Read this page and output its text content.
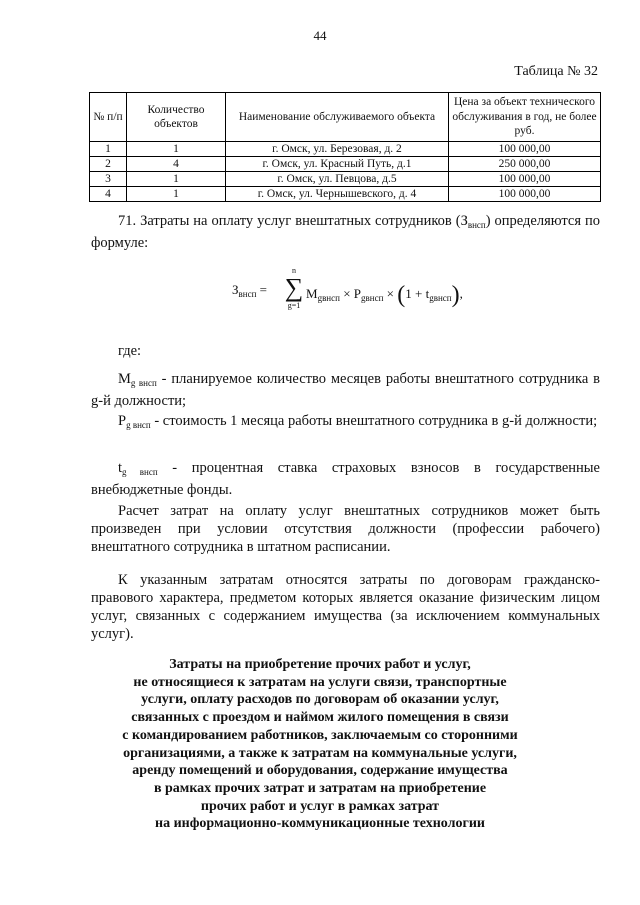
44
Таблица № 32
№ п/п	Количество объектов	Наименование обслуживаемого объекта	Цена за объект технического обслуживания в год, не более руб.
1	1	г. Омск, ул. Березовая, д. 2	100 000,00
2	4	г. Омск, ул. Красный Путь, д.1	250 000,00
3	1	г. Омск, ул. Певцова, д.5	100 000,00
4	1	г. Омск, ул. Чернышевского, д. 4	100 000,00

71. Затраты на оплату услуг внештатных сотрудников $(З_{внсп})$ определяются по формуле:

$З_{внсп}$ =
n
∑
g=1
$M_{gвнсп} \times P_{gвнсп} \times (1 + t_{gвнсп})$,

где:

$M_{g внсп}$ - планируемое количество месяцев работы внештатного сотрудника в g-й должности;

$P_{g внсп}$ - стоимость 1 месяца работы внештатного сотрудника в g-й должности;

$t_{g внсп}$ - процентная ставка страховых взносов в государственные внебюджетные фонды.

Расчет затрат на оплату услуг внештатных сотрудников может быть произведен при условии отсутствия должности (профессии рабочего) внештатного сотрудника в штатном расписании.

К указанным затратам относятся затраты по договорам гражданско-правового характера, предметом которых является оказание физическим лицом услуг, связанных с содержанием имущества (за исключением коммунальных услуг).

Затраты на приобретение прочих работ и услуг,
не относящиеся к затратам на услуги связи, транспортные
услуги, оплату расходов по договорам об оказании услуг,
связанных с проездом и наймом жилого помещения в связи
с командированием работников, заключаемым со сторонними
организациями, а также к затратам на коммунальные услуги,
аренду помещений и оборудования, содержание имущества
в рамках прочих затрат и затратам на приобретение
прочих работ и услуг в рамках затрат
на информационно-коммуникационные технологии
